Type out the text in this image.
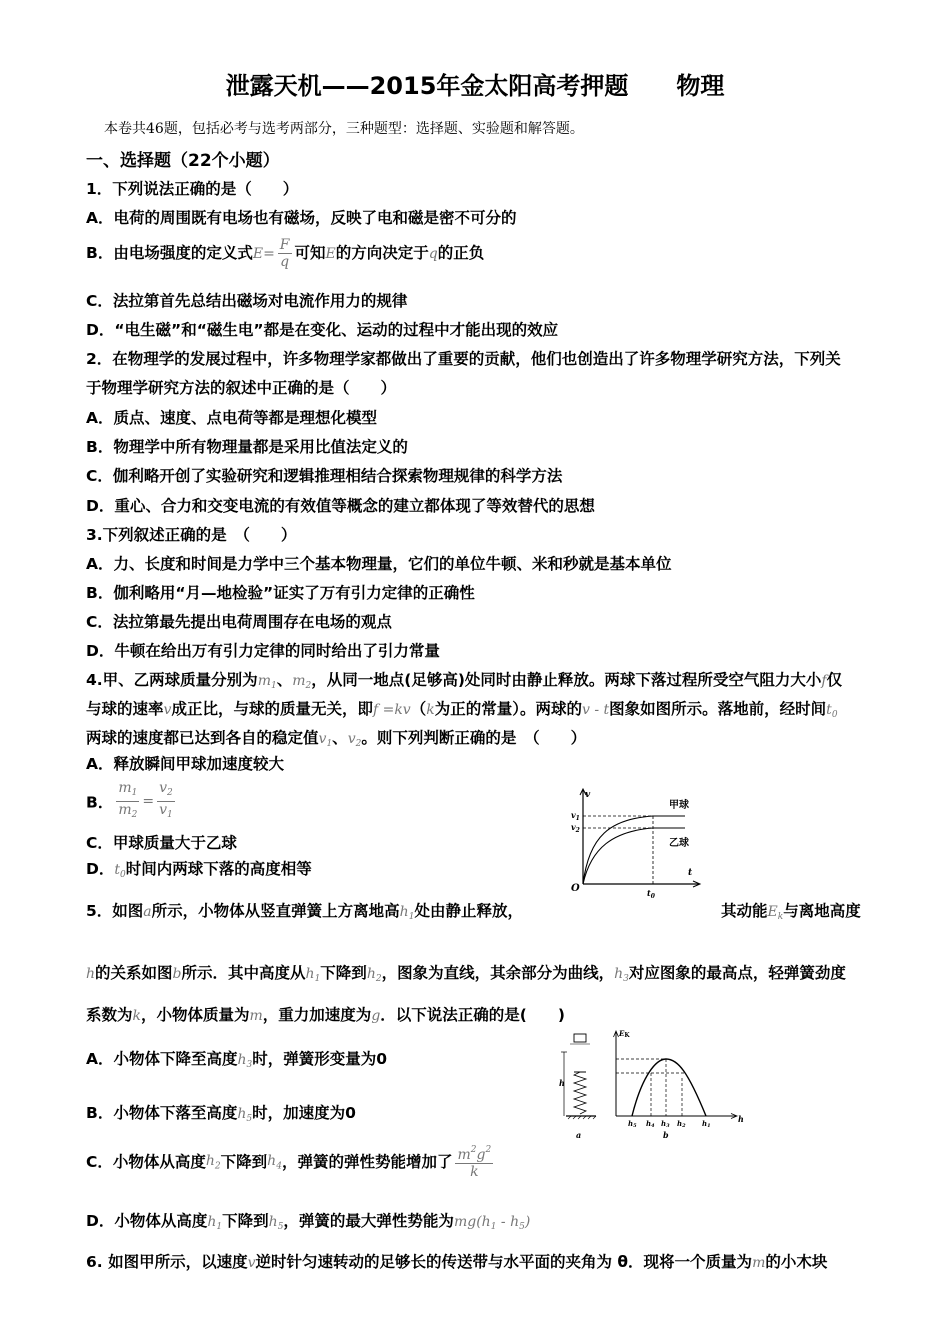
泄露天机——2015年金太阳高考押题 物理
本卷共46题，包括必考与选考两部分，三种题型：选择题、实验题和解答题。
一、选择题（22个小题）
1．下列说法正确的是（　　）
A．电荷的周围既有电场也有磁场，反映了电和磁是密不可分的
B．由电场强度的定义式$E= \frac{F}{q}$ 可知E的方向决定于q的正负
C．法拉第首先总结出磁场对电流作用力的规律
D．“电生磁”和“磁生电”都是在变化、运动的过程中才能出现的效应
2．在物理学的发展过程中，许多物理学家都做出了重要的贡献，他们也创造出了许多物理学研究方法，下列关
于物理学研究方法的叙述中正确的是（　　）
A．质点、速度、点电荷等都是理想化模型
B．物理学中所有物理量都是采用比值法定义的
C．伽利略开创了实验研究和逻辑推理相结合探索物理规律的科学方法
D．重心、合力和交变电流的有效值等概念的建立都体现了等效替代的思想
3.下列叙述正确的是　（　　）
A．力、长度和时间是力学中三个基本物理量，它们的单位牛顿、米和秒就是基本单位
B．伽利略用“月—地检验”证实了万有引力定律的正确性
C．法拉第最先提出电荷周围存在电场的观点
D．牛顿在给出万有引力定律的同时给出了引力常量
4.甲、乙两球质量分别为$m_1$、$m_2$，从同一地点(足够高)处同时由静止释放。两球下落过程所受空气阻力大小f仅
与球的速率v成正比，与球的质量无关，即f =kv（k为正的常量）。两球的v - t图象如图所示。落地前，经时间$t_0$
两球的速度都已达到各自的稳定值$v_1$、$v_2$。则下列判断正确的是　（　　）
A．释放瞬间甲球加速度较大
B． $\frac{m_1}{m_2} = \frac{v_2}{v_1}$
C．甲球质量大于乙球
D．$t_0$时间内两球下落的高度相等
v
t
O
$v_1$
$v_2$
$t_0$
甲球
乙球
5．如图a所示，小物体从竖直弹簧上方离地高$h_1$处由静止释放，	其动能$E_k$与离地高度
h的关系如图b所示．其中高度从$h_1$下降到$h_2$，图象为直线，其余部分为曲线，$h_3$对应图象的最高点，轻弹簧劲度
系数为k，小物体质量为m，重力加速度为g．以下说法正确的是(　　)
A．小物体下降至高度$h_3$时，弹簧形变量为0
B．小物体下落至高度$h_5$时，加速度为0
C．小物体从高度$h_2$下降到$h_4$，弹簧的弹性势能增加了 $\frac{m^2g^2}{k}$
D．小物体从高度$h_1$下降到$h_5$，弹簧的最大弹性势能为$mg(h_1 - h_5)$
h
a
EK
h
h5 h4 h3 h2 h1
b
6. 如图甲所示，以速度v逆时针匀速转动的足够长的传送带与水平面的夹角为 θ．现将一个质量为m的小木块
